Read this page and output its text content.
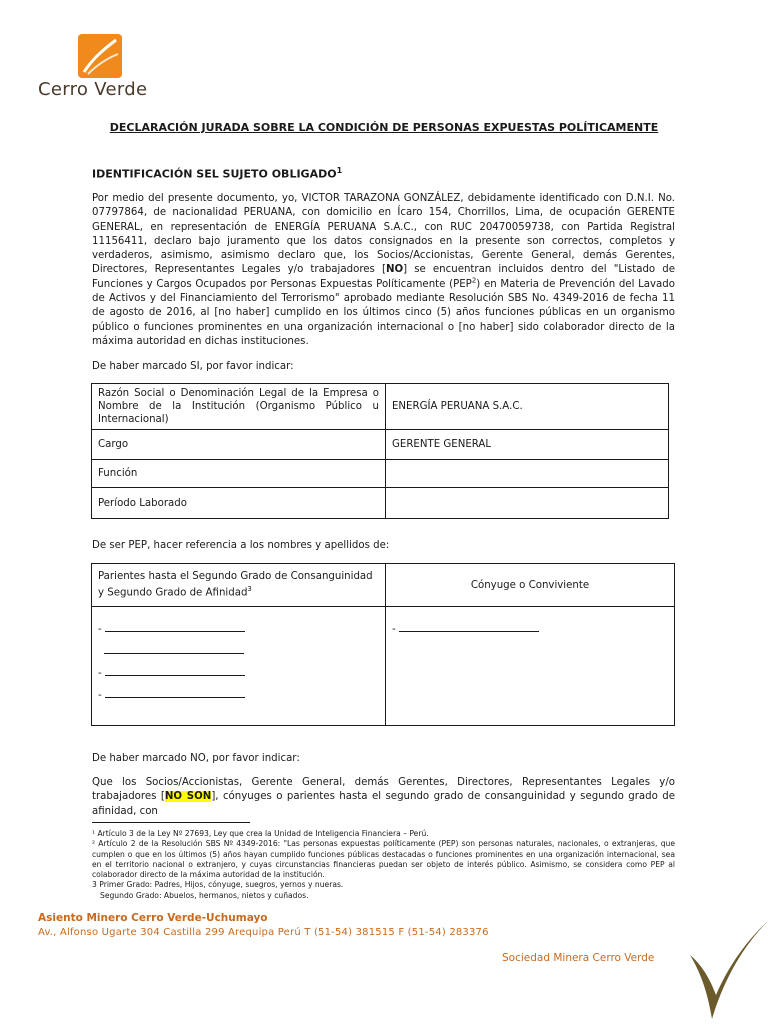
Cerro Verde
DECLARACIÓN JURADA SOBRE LA CONDICIÓN DE PERSONAS EXPUESTAS POLÍTICAMENTE
IDENTIFICACIÓN SEL SUJETO OBLIGADO$^1$
Por medio del presente documento, yo, VICTOR TARAZONA GONZÁLEZ, debidamente identificado con D.N.I. No. 07797864, de nacionalidad PERUANA, con domicilio en Ícaro 154, Chorrillos, Lima, de ocupación GERENTE GENERAL, en representación de ENERGÍA PERUANA S.A.C., con RUC 20470059738, con Partida Registral 11156411, declaro bajo juramento que los datos consignados en la presente son correctos, completos y verdaderos, asimismo, asimismo declaro que, los Socios/Accionistas, Gerente General, demás Gerentes, Directores, Representantes Legales y/o trabajadores [NO] se encuentran incluidos dentro del "Listado de Funciones y Cargos Ocupados por Personas Expuestas Políticamente (PEP$^2$) en Materia de Prevención del Lavado de Activos y del Financiamiento del Terrorismo" aprobado mediante Resolución SBS No. 4349-2016 de fecha 11 de agosto de 2016, al [no haber] cumplido en los últimos cinco (5) años funciones públicas en un organismo público o funciones prominentes en una organización internacional o [no haber] sido colaborador directo de la máxima autoridad en dichas instituciones.
De haber marcado SI, por favor indicar:
Razón Social o Denominación Legal de la Empresa o Nombre de la Institución (Organismo Público u Internacional)	ENERGÍA PERUANA S.A.C.
Cargo	GERENTE GENERAL
Función	
Período Laborado	
De ser PEP, hacer referencia a los nombres y apellidos de:
Parientes hasta el Segundo Grado de Consanguinidad y Segundo Grado de Afinidad$^3$	Cónyuge o Conviviente

-

-
-	-
De haber marcado NO, por favor indicar:
Que los Socios/Accionistas, Gerente General, demás Gerentes, Directores, Representantes Legales y/o trabajadores [NO SON], cónyuges o parientes hasta el segundo grado de consanguinidad y segundo grado de afinidad, con
¹ Artículo 3 de la Ley Nº 27693, Ley que crea la Unidad de Inteligencia Financiera – Perú.
² Artículo 2 de la Resolución SBS Nº 4349-2016: "Las personas expuestas políticamente (PEP) son personas naturales, nacionales, o extranjeras, que cumplen o que en los últimos (5) años hayan cumplido funciones públicas destacadas o funciones prominentes en una organización internacional, sea en el territorio nacional o extranjero, y cuyas circunstancias financieras puedan ser objeto de interés público. Asimismo, se considera como PEP al colaborador directo de la máxima autoridad de la institución.
3 Primer Grado: Padres, Hijos, cónyuge, suegros, yernos y nueras.
Segundo Grado: Abuelos, hermanos, nietos y cuñados.
Asiento Minero Cerro Verde-Uchumayo
Av., Alfonso Ugarte 304 Castilla 299 Arequipa Perú T (51-54) 381515 F (51-54) 283376
Sociedad Minera Cerro Verde
